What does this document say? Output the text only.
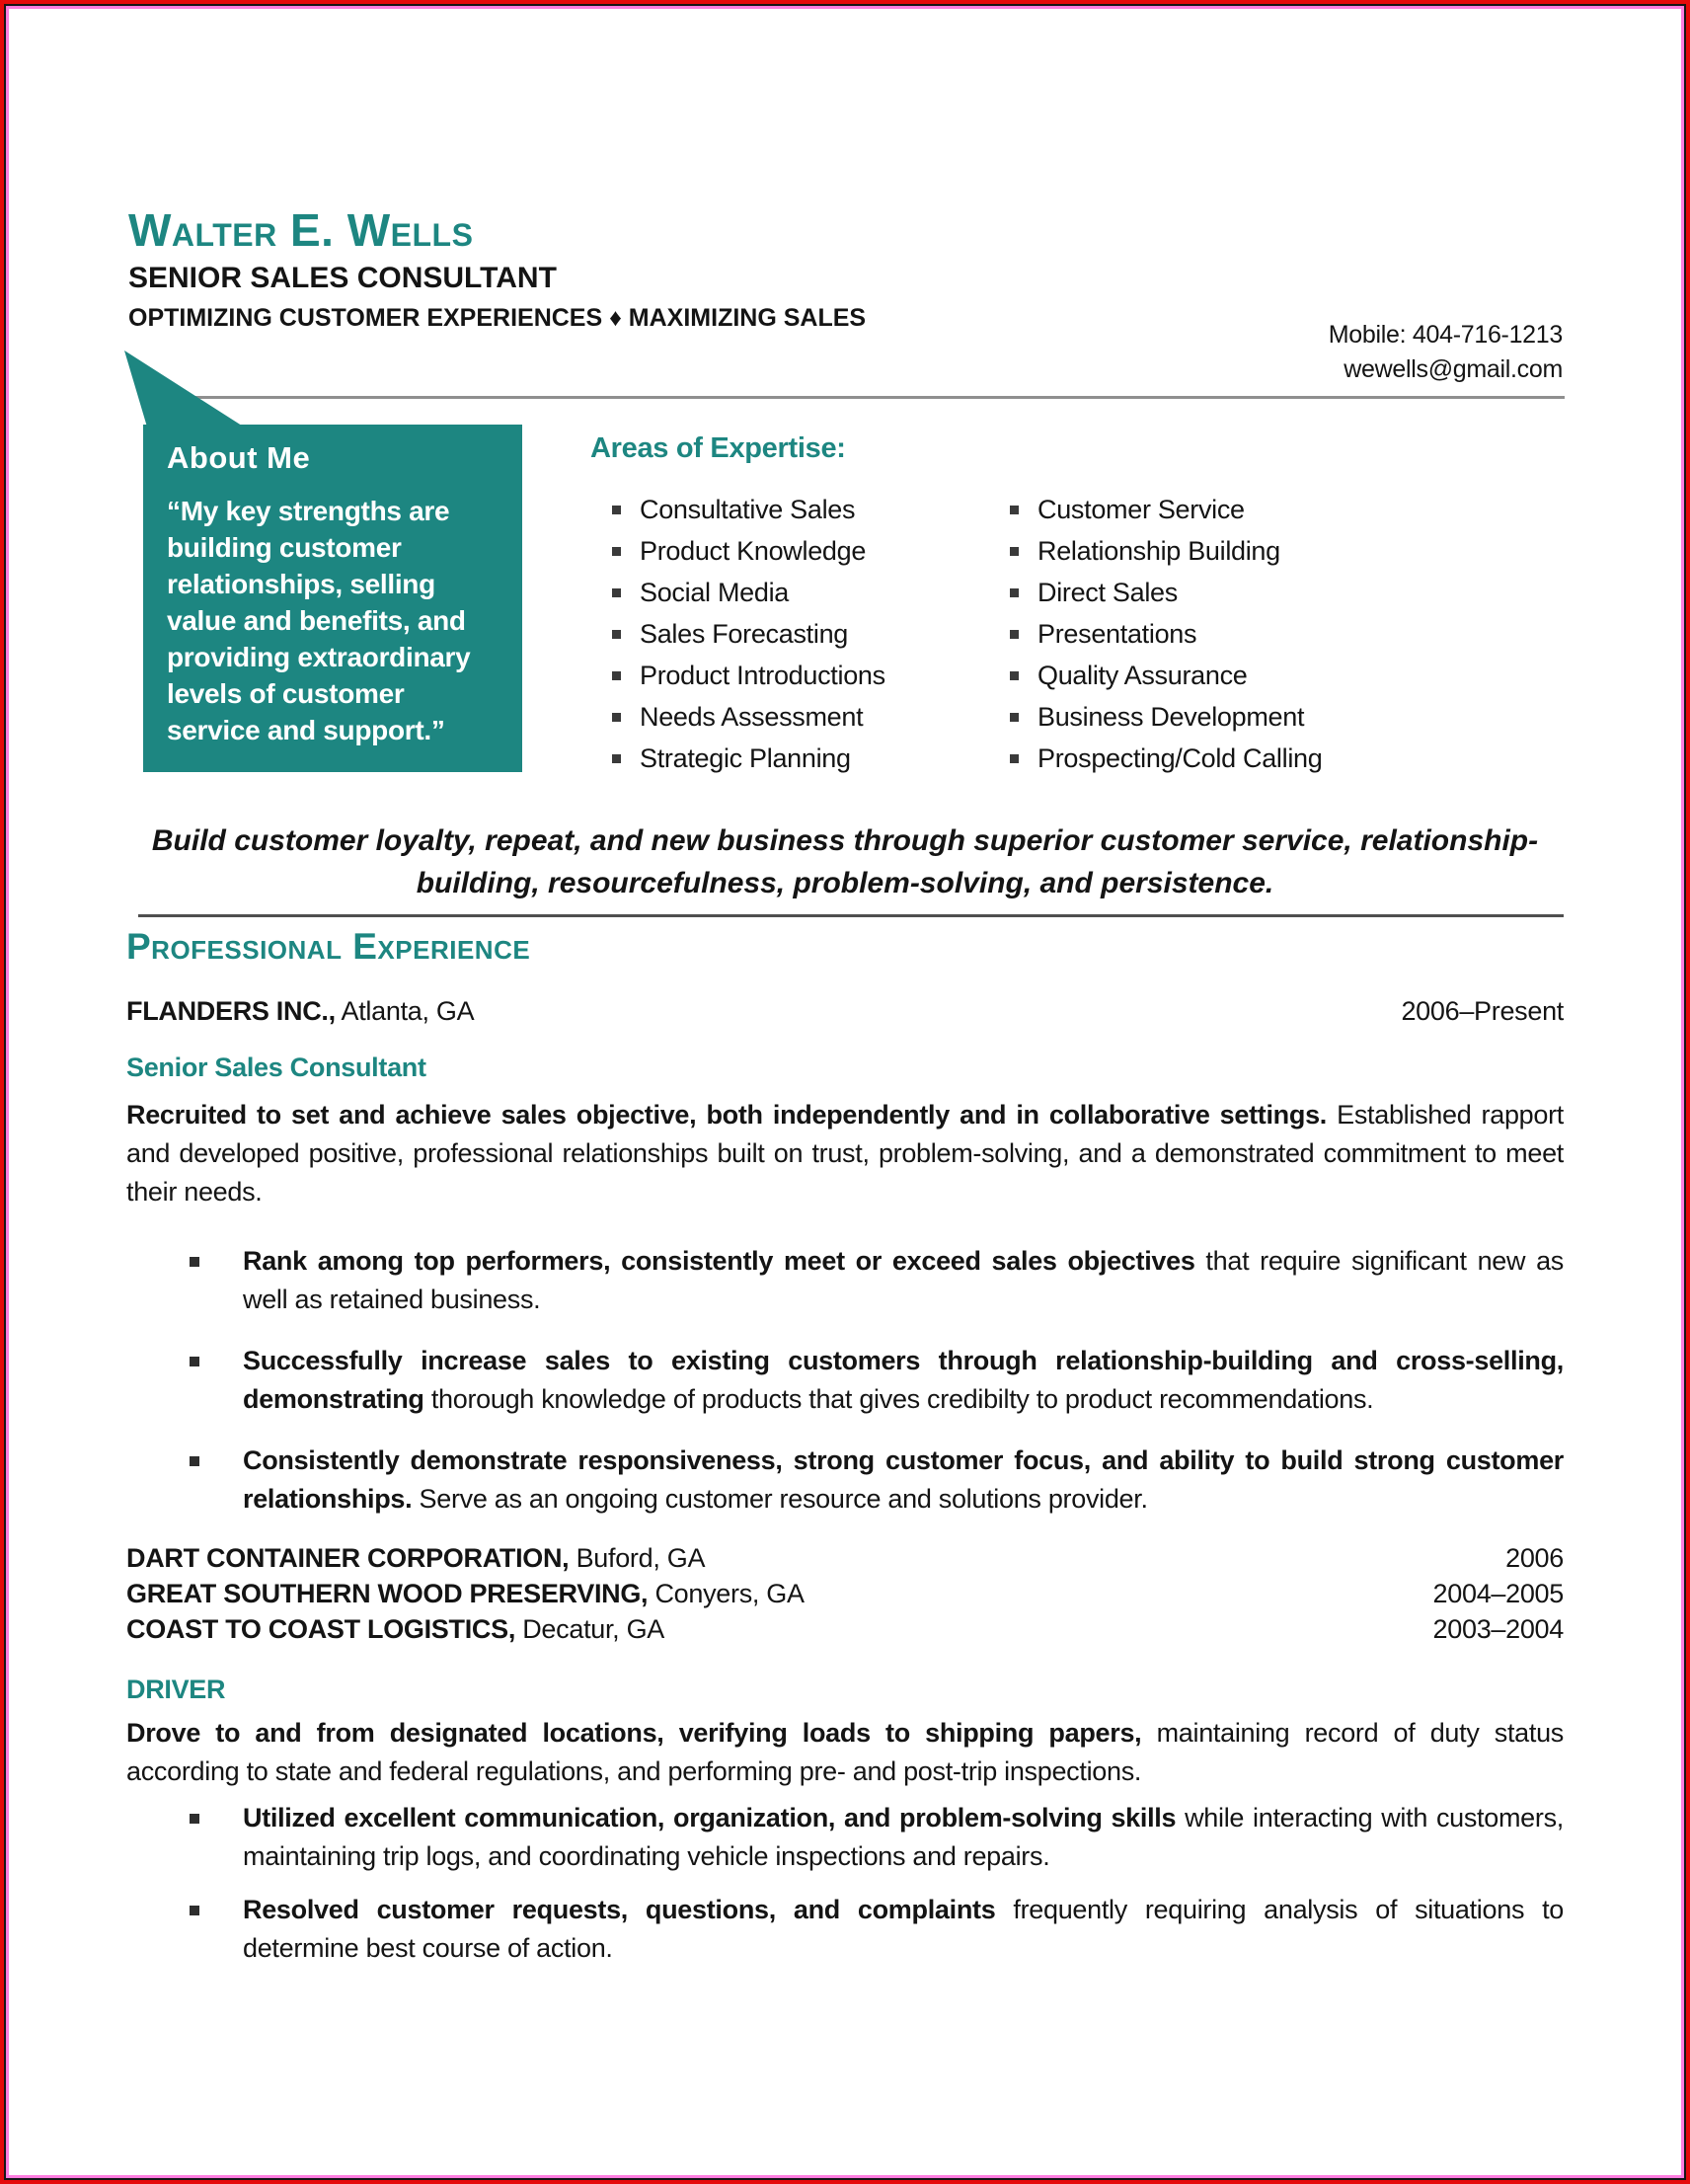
Walter E. Wells
SENIOR SALES CONSULTANT
OPTIMIZING CUSTOMER EXPERIENCES ♦ MAXIMIZING SALES
Mobile: 404-716-1213
wewells@gmail.com
About Me
“My key strengths are building customer relationships, selling value and benefits, and providing extraordinary levels of customer service and support.”
Areas of Expertise:
Consultative Sales
Product Knowledge
Social Media
Sales Forecasting
Product Introductions
Needs Assessment
Strategic Planning
Customer Service
Relationship Building
Direct Sales
Presentations
Quality Assurance
Business Development
Prospecting/Cold Calling
Build customer loyalty, repeat, and new business through superior customer service, relationship-building, resourcefulness, problem-solving, and persistence.
Professional Experience
FLANDERS INC., Atlanta, GA	2006–Present
Senior Sales Consultant
Recruited to set and achieve sales objective, both independently and in collaborative settings. Established rapport and developed positive, professional relationships built on trust, problem-solving, and a demonstrated commitment to meet their needs.
Rank among top performers, consistently meet or exceed sales objectives that require significant new as well as retained business.
Successfully increase sales to existing customers through relationship-building and cross-selling, demonstrating thorough knowledge of products that gives credibilty to product recommendations.
Consistently demonstrate responsiveness, strong customer focus, and ability to build strong customer relationships. Serve as an ongoing customer resource and solutions provider.
DART CONTAINER CORPORATION, Buford, GA	2006
GREAT SOUTHERN WOOD PRESERVING, Conyers, GA	2004–2005
COAST TO COAST LOGISTICS, Decatur, GA	2003–2004
DRIVER
Drove to and from designated locations, verifying loads to shipping papers, maintaining record of duty status according to state and federal regulations, and performing pre- and post-trip inspections.
Utilized excellent communication, organization, and problem-solving skills while interacting with customers, maintaining trip logs, and coordinating vehicle inspections and repairs.
Resolved customer requests, questions, and complaints frequently requiring analysis of situations to determine best course of action.
